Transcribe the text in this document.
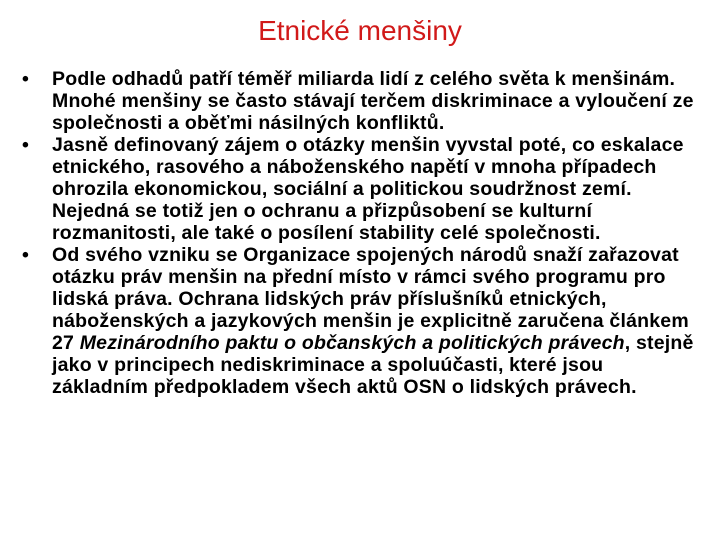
Etnické menšiny
•	Podle odhadů patří téměř miliarda lidí z celého světa k menšinám. Mnohé menšiny se často stávají terčem diskriminace a vyloučení ze společnosti a oběťmi násilných konfliktů.
•	Jasně definovaný zájem o otázky menšin vyvstal poté, co eskalace etnického, rasového a náboženského napětí v mnoha případech ohrozila ekonomickou, sociální a politickou soudržnost zemí. Nejedná se totiž jen o ochranu a přizpůsobení se kulturní rozmanitosti, ale také o posílení stability celé společnosti.
•	Od svého vzniku se Organizace spojených národů snaží zařazovat otázku práv menšin na přední místo v rámci svého programu pro lidská práva. Ochrana lidských práv příslušníků etnických, náboženských a jazykových menšin je explicitně zaručena článkem 27 Mezinárodního paktu o občanských a politických právech, stejně jako v principech nediskriminace a spoluúčasti, které jsou základním předpokladem všech aktů OSN o lidských právech.
